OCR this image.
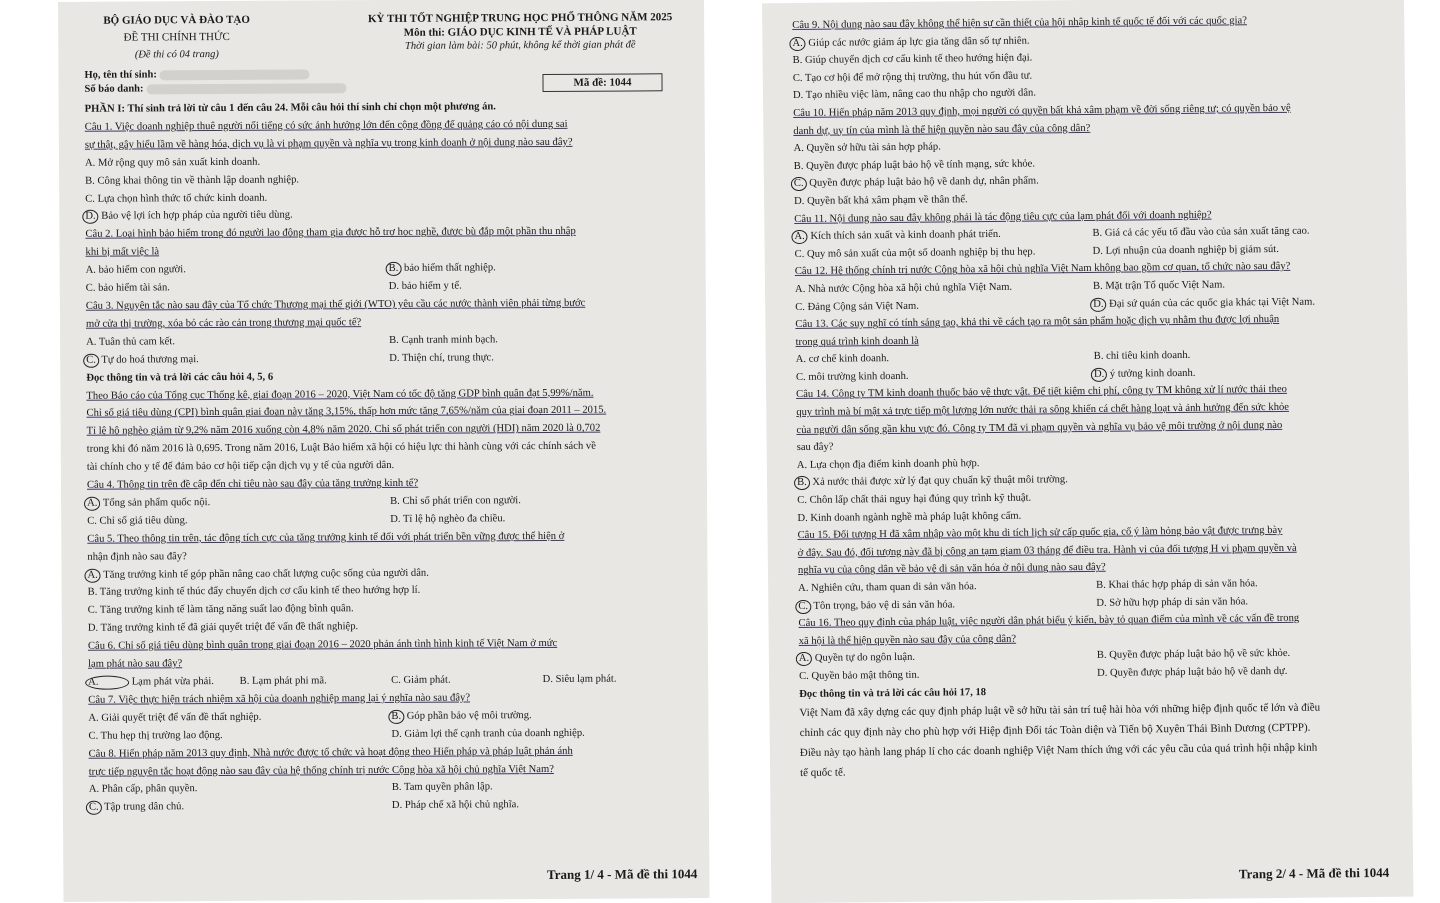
BỘ GIÁO DỤC VÀ ĐÀO TẠO
ĐỀ THI CHÍNH THỨC
(Đề thi có 04 trang)
KỲ THI TỐT NGHIỆP TRUNG HỌC PHỔ THÔNG NĂM 2025
Môn thi: GIÁO DỤC KINH TẾ VÀ PHÁP LUẬT
Thời gian làm bài: 50 phút, không kể thời gian phát đề
Họ, tên thí sinh:
Số báo danh:
Mã đề: 1044
PHẦN I: Thí sinh trả lời từ câu 1 đến câu 24. Mỗi câu hỏi thí sinh chỉ chọn một phương án.
Câu 1. Việc doanh nghiệp thuê người nổi tiếng có sức ảnh hưởng lớn đến cộng đồng để quảng cáo có nội dung sai
sự thật, gây hiểu lầm về hàng hóa, dịch vụ là vi phạm quyền và nghĩa vụ trong kinh doanh ở nội dung nào sau đây?
A. Mở rộng quy mô sản xuất kinh doanh.
B. Công khai thông tin về thành lập doanh nghiệp.
C. Lựa chọn hình thức tổ chức kinh doanh.
D. Bảo vệ lợi ích hợp pháp của người tiêu dùng.
Câu 2. Loại hình bảo hiểm trong đó người lao động tham gia được hỗ trợ học nghề, được bù đắp một phần thu nhập
khi bị mất việc là
A. bảo hiểm con người.	B. bảo hiểm thất nghiệp.
C. bảo hiểm tài sản.	D. bảo hiểm y tế.
Câu 3. Nguyên tắc nào sau đây của Tổ chức Thương mại thế giới (WTO) yêu cầu các nước thành viên phải từng bước
mở cửa thị trường, xóa bỏ các rào cản trong thương mại quốc tế?
A. Tuân thủ cam kết.	B. Cạnh tranh minh bạch.
C. Tự do hoá thương mại.	D. Thiện chí, trung thực.
Đọc thông tin và trả lời các câu hỏi 4, 5, 6
Theo Báo cáo của Tổng cục Thống kê, giai đoạn 2016 – 2020, Việt Nam có tốc độ tăng GDP bình quân đạt 5,99%/năm.
Chỉ số giá tiêu dùng (CPI) bình quân giai đoạn này tăng 3,15%, thấp hơn mức tăng 7,65%/năm của giai đoạn 2011 – 2015.
Tỉ lệ hộ nghèo giảm từ 9,2% năm 2016 xuống còn 4,8% năm 2020. Chỉ số phát triển con người (HDI) năm 2020 là 0,702
trong khi đó năm 2016 là 0,695. Trong năm 2016, Luật Bảo hiểm xã hội có hiệu lực thi hành cùng với các chính sách về
tài chính cho y tế để đảm bảo cơ hội tiếp cận dịch vụ y tế của người dân.
Câu 4. Thông tin trên đề cập đến chỉ tiêu nào sau đây của tăng trưởng kinh tế?
A. Tổng sản phẩm quốc nội.	B. Chỉ số phát triển con người.
C. Chỉ số giá tiêu dùng.	D. Tỉ lệ hộ nghèo đa chiều.
Câu 5. Theo thông tin trên, tác động tích cực của tăng trưởng kinh tế đối với phát triển bền vững được thể hiện ở
nhận định nào sau đây?
A. Tăng trưởng kinh tế góp phần nâng cao chất lượng cuộc sống của người dân.
B. Tăng trưởng kinh tế thúc đẩy chuyển dịch cơ cấu kinh tế theo hướng hợp lí.
C. Tăng trưởng kinh tế làm tăng năng suất lao động bình quân.
D. Tăng trưởng kinh tế đã giải quyết triệt để vấn đề thất nghiệp.
Câu 6. Chỉ số giá tiêu dùng bình quân trong giai đoạn 2016 – 2020 phản ánh tình hình kinh tế Việt Nam ở mức
lạm phát nào sau đây?
A.	Lạm phát vừa phải.	B. Lạm phát phi mã.	C. Giảm phát.	D. Siêu lạm phát.
Câu 7. Việc thực hiện trách nhiệm xã hội của doanh nghiệp mang lại ý nghĩa nào sau đây?
A. Giải quyết triệt để vấn đề thất nghiệp.	B. Góp phần bảo vệ môi trường.
C. Thu hẹp thị trường lao động.	D. Giảm lợi thế cạnh tranh của doanh nghiệp.
Câu 8. Hiến pháp năm 2013 quy định, Nhà nước được tổ chức và hoạt động theo Hiến pháp và pháp luật phản ánh
trực tiếp nguyên tắc hoạt động nào sau đây của hệ thống chính trị nước Cộng hòa xã hội chủ nghĩa Việt Nam?
A. Phân cấp, phân quyền.	B. Tam quyền phân lập.
C. Tập trung dân chủ.	D. Pháp chế xã hội chủ nghĩa.
Trang 1/ 4 - Mã đề thi 1044
Câu 9. Nội dung nào sau đây không thể hiện sự cần thiết của hội nhập kinh tế quốc tế đối với các quốc gia?
A. Giúp các nước giảm áp lực gia tăng dân số tự nhiên.
B. Giúp chuyển dịch cơ cấu kinh tế theo hướng hiện đại.
C. Tạo cơ hội để mở rộng thị trường, thu hút vốn đầu tư.
D. Tạo nhiều việc làm, nâng cao thu nhập cho người dân.
Câu 10. Hiến pháp năm 2013 quy định, mọi người có quyền bất khả xâm phạm về đời sống riêng tư; có quyền bảo vệ
danh dự, uy tín của mình là thể hiện quyền nào sau đây của công dân?
A. Quyền sở hữu tài sản hợp pháp.
B. Quyền được pháp luật bảo hộ về tính mạng, sức khỏe.
C. Quyền được pháp luật bảo hộ về danh dự, nhân phẩm.
D. Quyền bất khả xâm phạm về thân thể.
Câu 11. Nội dung nào sau đây không phải là tác động tiêu cực của lạm phát đối với doanh nghiệp?
A. Kích thích sản xuất và kinh doanh phát triển.	B. Giá cả các yếu tố đầu vào của sản xuất tăng cao.
C. Quy mô sản xuất của một số doanh nghiệp bị thu hẹp.	D. Lợi nhuận của doanh nghiệp bị giảm sút.
Câu 12. Hệ thống chính trị nước Cộng hòa xã hội chủ nghĩa Việt Nam không bao gồm cơ quan, tổ chức nào sau đây?
A. Nhà nước Cộng hòa xã hội chủ nghĩa Việt Nam.	B. Mặt trận Tổ quốc Việt Nam.
C. Đảng Cộng sản Việt Nam.	D. Đại sứ quán của các quốc gia khác tại Việt Nam.
Câu 13. Các suy nghĩ có tính sáng tạo, khả thi về cách tạo ra một sản phẩm hoặc dịch vụ nhằm thu được lợi nhuận
trong quá trình kinh doanh là
A. cơ chế kinh doanh.	B. chỉ tiêu kinh doanh.
C. môi trường kinh doanh.	D. ý tưởng kinh doanh.
Câu 14. Công ty TM kinh doanh thuốc bảo vệ thực vật. Để tiết kiệm chi phí, công ty TM không xử lí nước thải theo
quy trình mà bí mật xả trực tiếp một lượng lớn nước thải ra sông khiến cá chết hàng loạt và ảnh hưởng đến sức khỏe
của người dân sống gần khu vực đó. Công ty TM đã vi phạm quyền và nghĩa vụ bảo vệ môi trường ở nội dung nào
sau đây?
A. Lựa chọn địa điểm kinh doanh phù hợp.
B. Xả nước thải được xử lý đạt quy chuẩn kỹ thuật môi trường.
C. Chôn lấp chất thải nguy hại đúng quy trình kỹ thuật.
D. Kinh doanh ngành nghề mà pháp luật không cấm.
Câu 15. Đối tượng H đã xâm nhập vào một khu di tích lịch sử cấp quốc gia, cố ý làm hỏng bảo vật được trưng bày
ở đây. Sau đó, đối tượng này đã bị công an tạm giam 03 tháng để điều tra. Hành vi của đối tượng H vi phạm quyền và
nghĩa vụ của công dân về bảo vệ di sản văn hóa ở nội dung nào sau đây?
A. Nghiên cứu, tham quan di sản văn hóa.	B. Khai thác hợp pháp di sản văn hóa.
C. Tôn trọng, bảo vệ di sản văn hóa.	D. Sở hữu hợp pháp di sản văn hóa.
Câu 16. Theo quy định của pháp luật, việc người dân phát biểu ý kiến, bày tỏ quan điểm của mình về các vấn đề trong
xã hội là thể hiện quyền nào sau đây của công dân?
A. Quyền tự do ngôn luận.	B. Quyền được pháp luật bảo hộ về sức khỏe.
C. Quyền bảo mật thông tin.	D. Quyền được pháp luật bảo hộ về danh dự.
Đọc thông tin và trả lời các câu hỏi 17, 18
Việt Nam đã xây dựng các quy định pháp luật về sở hữu tài sản trí tuệ hài hòa với những hiệp định quốc tế lớn và điều
chỉnh các quy định này cho phù hợp với Hiệp định Đối tác Toàn diện và Tiến bộ Xuyên Thái Bình Dương (CPTPP).
Điều này tạo hành lang pháp lí cho các doanh nghiệp Việt Nam thích ứng với các yêu cầu của quá trình hội nhập kinh
tế quốc tế.
Trang 2/ 4 - Mã đề thi 1044
